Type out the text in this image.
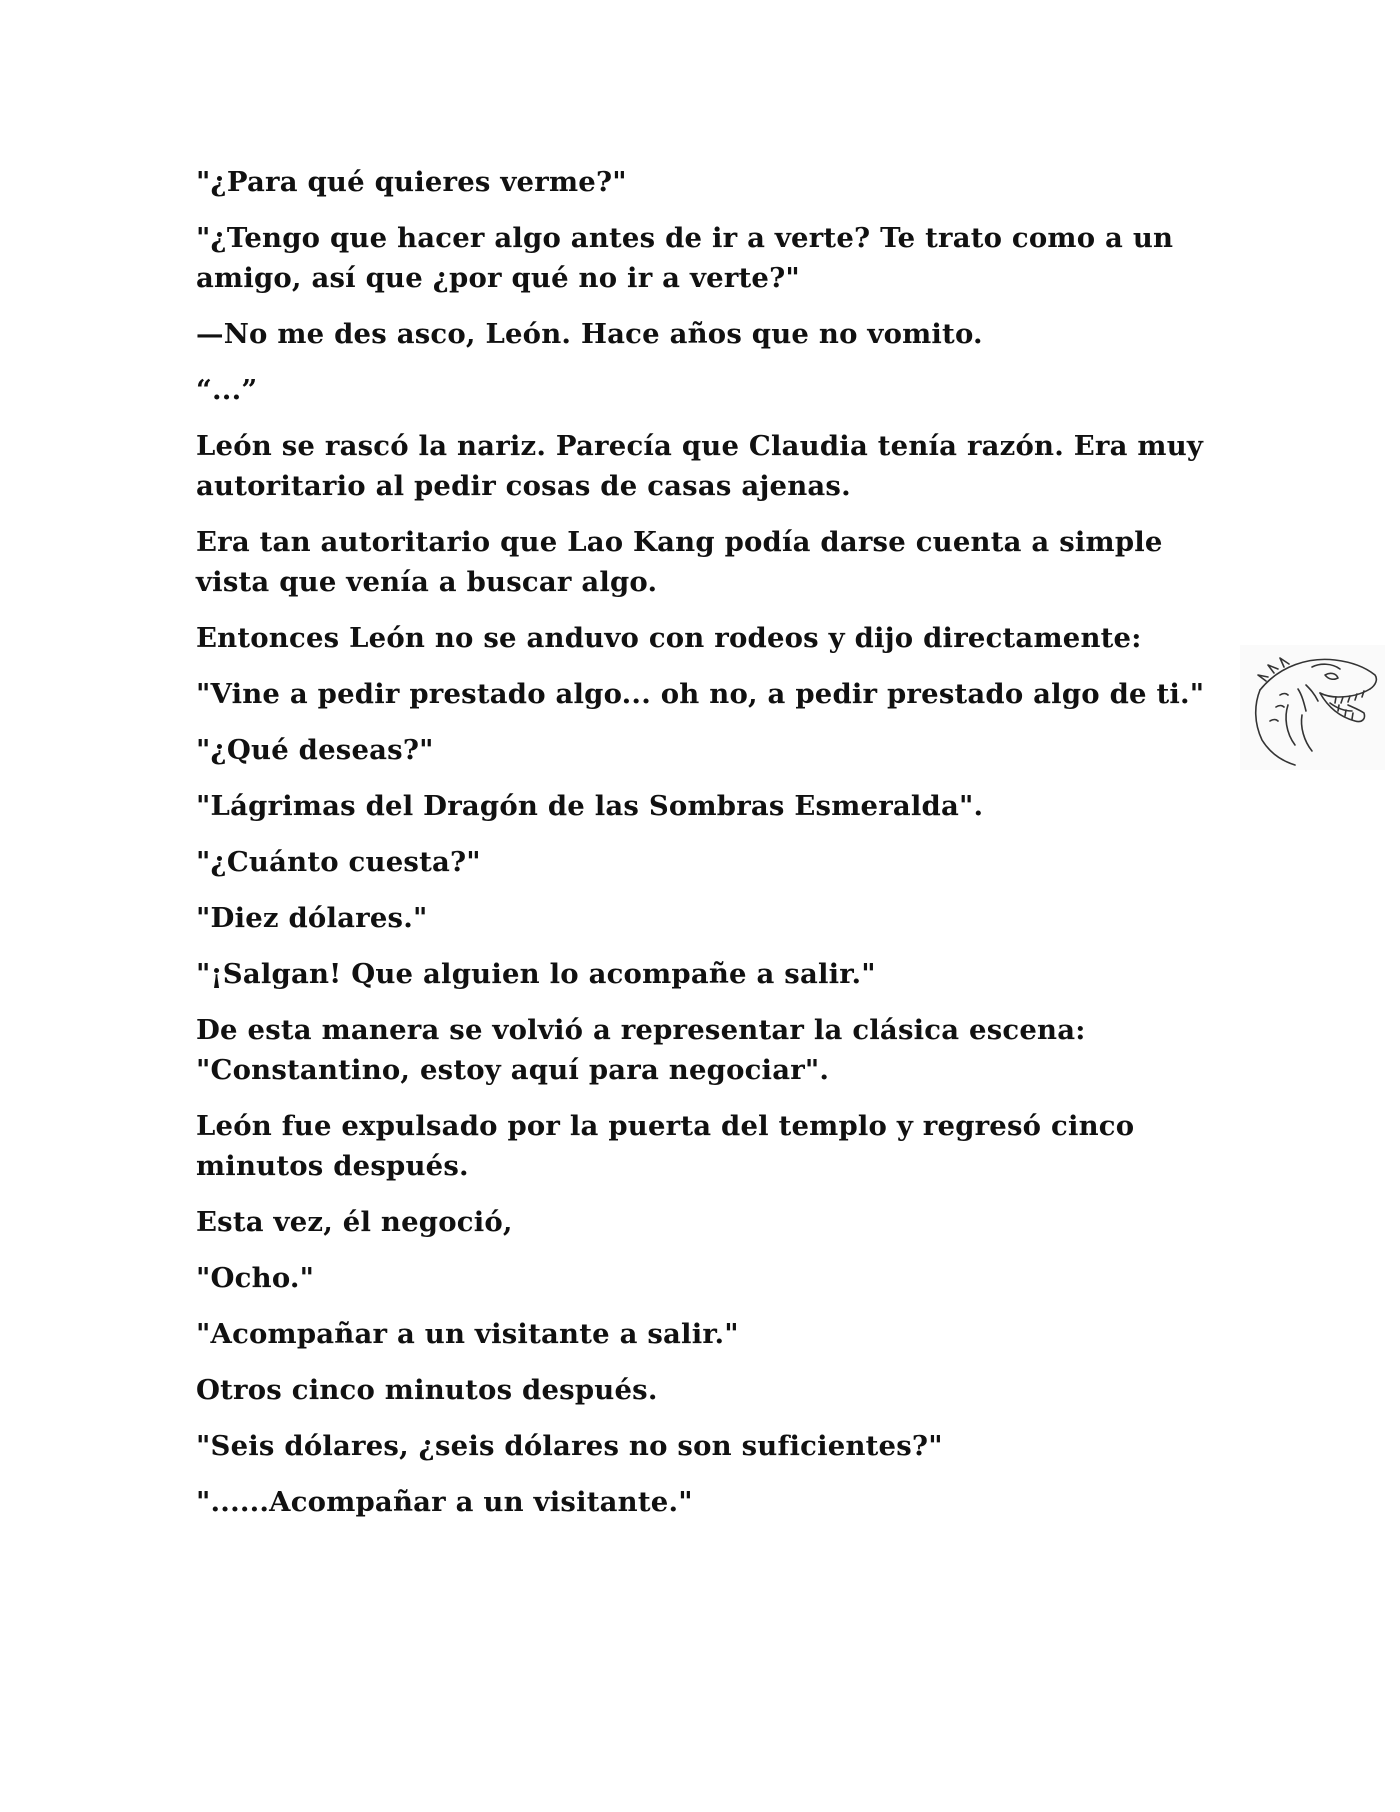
"¿Para qué quieres verme?"

"¿Tengo que hacer algo antes de ir a verte? Te trato como a un amigo, así que ¿por qué no ir a verte?"

—No me des asco, León. Hace años que no vomito.

“...”

León se rascó la nariz. Parecía que Claudia tenía razón. Era muy autoritario al pedir cosas de casas ajenas.

Era tan autoritario que Lao Kang podía darse cuenta a simple vista que venía a buscar algo.

Entonces León no se anduvo con rodeos y dijo directamente:

"Vine a pedir prestado algo... oh no, a pedir prestado algo de ti."

"¿Qué deseas?"

"Lágrimas del Dragón de las Sombras Esmeralda".

"¿Cuánto cuesta?"

"Diez dólares."

"¡Salgan! Que alguien lo acompañe a salir."

De esta manera se volvió a representar la clásica escena: "Constantino, estoy aquí para negociar".

León fue expulsado por la puerta del templo y regresó cinco minutos después.

Esta vez, él negoció,

"Ocho."

"Acompañar a un visitante a salir."

Otros cinco minutos después.

"Seis dólares, ¿seis dólares no son suficientes?"

"......Acompañar a un visitante."
